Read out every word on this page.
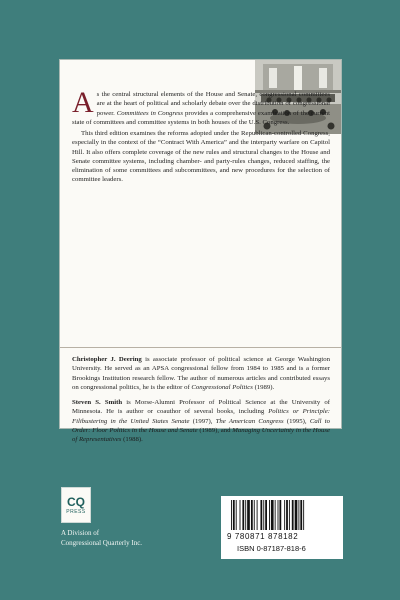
As the central structural elements of the House and Senate, congressional committees are at the heart of political and scholarly debate over the distribution of congressional power. Committees in Congress provides a comprehensive examination of the current state of committees and committee systems in both houses of the U.S. Congress.

This third edition examines the reforms adopted under the Republican-controlled Congress, especially in the context of the “Contract With America” and the interparty warfare on Capitol Hill. It also offers complete coverage of the new rules and structural changes to the House and Senate committee systems, including chamber- and party-rules changes, reduced staffing, the elimination of some committees and subcommittees, and new procedures for the selection of committee leaders.

Christopher J. Deering is associate professor of political science at George Washington University. He served as an APSA congressional fellow from 1984 to 1985 and is a former Brookings Institution research fellow. The author of numerous articles and contributed essays on congressional politics, he is the editor of Congressional Politics (1989).

Steven S. Smith is Morse-Alumni Professor of Political Science at the University of Minnesota. He is author or coauthor of several books, including Politics or Principle: Filibustering in the United States Senate (1997), The American Congress (1995), Call to Order: Floor Politics in the House and Senate (1989), and Managing Uncertainty in the House of Representatives (1988).

CQ
PRESS
A Division of
Congressional Quarterly Inc.
9 780871 878182
ISBN 0-87187-818-6
